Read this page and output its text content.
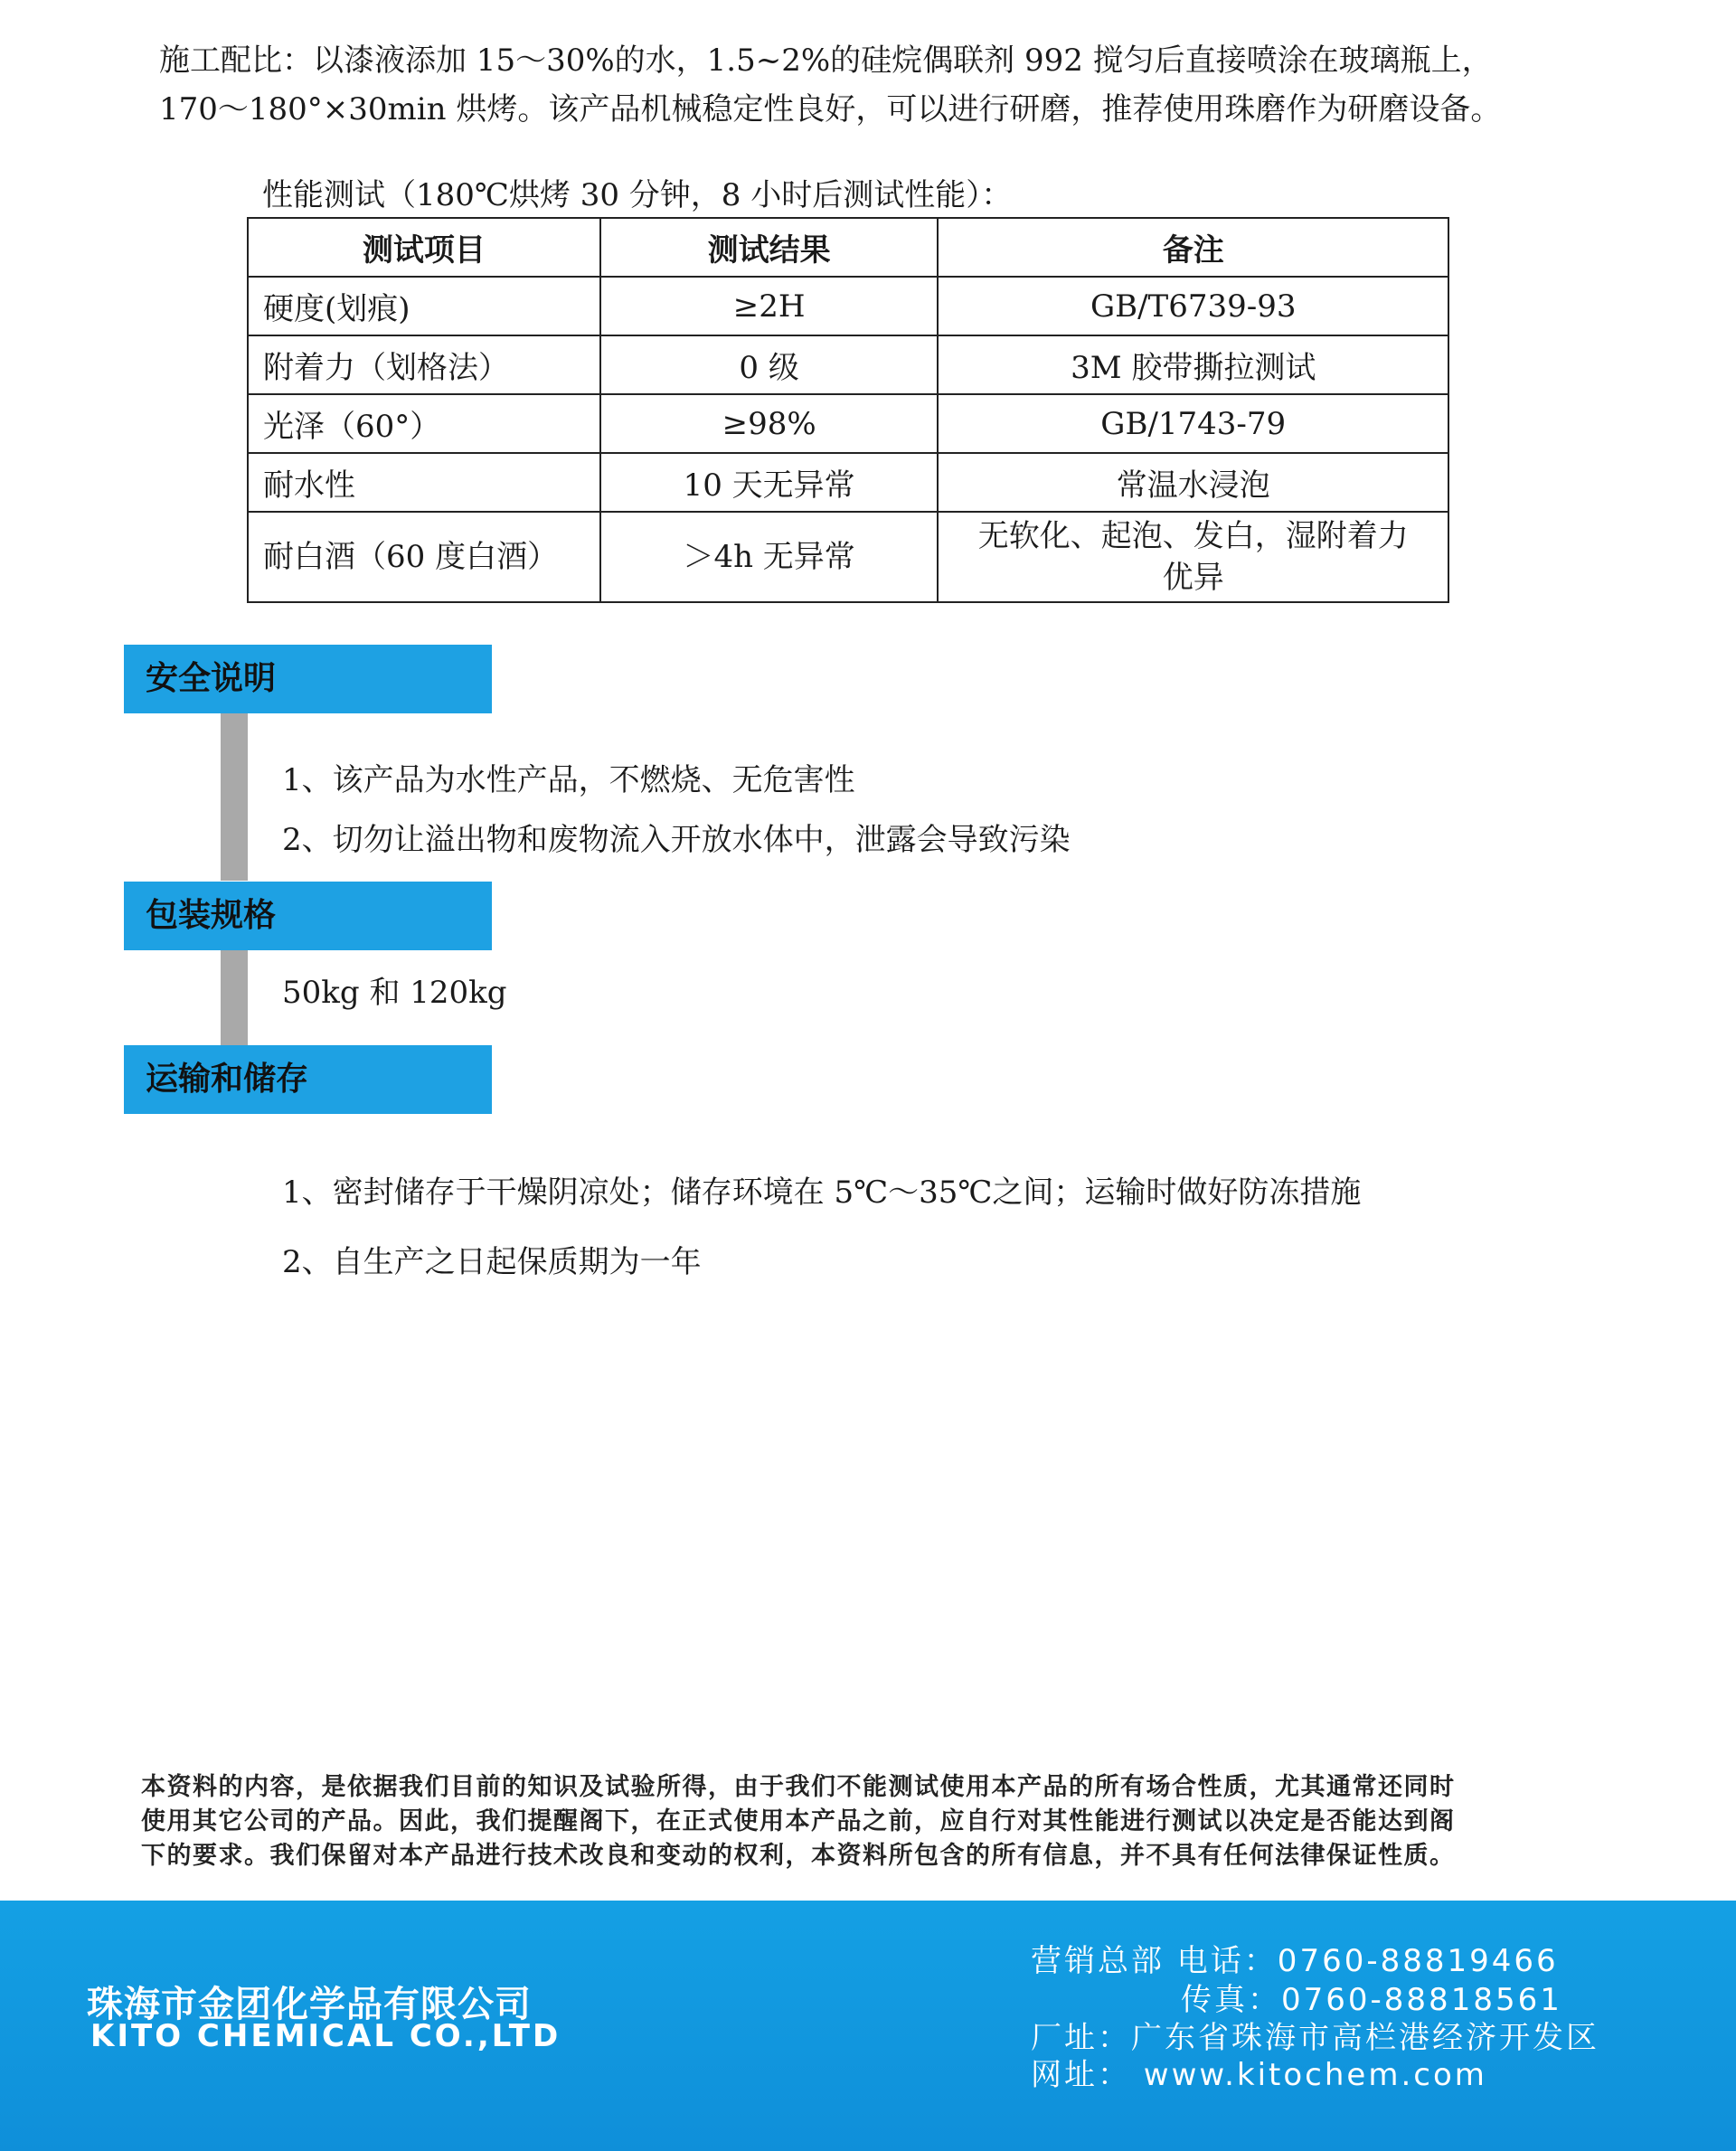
施工配比：以漆液添加 15～30%的水，1.5~2%的硅烷偶联剂 992 搅匀后直接喷涂在玻璃瓶上，

170～180°×30min 烘烤。该产品机械稳定性良好，可以进行研磨，推荐使用珠磨作为研磨设备。

性能测试（180℃烘烤 30 分钟，8 小时后测试性能）：
测试项目	测试结果	备注
硬度(划痕)	≥2H	GB/T6739-93
附着力（划格法）	0 级	3M 胶带撕拉测试
光泽（60°）	≥98%	GB/1743-79
耐水性	10 天无异常	常温水浸泡
耐白酒（60 度白酒）	＞4h 无异常	无软化、起泡、发白，湿附着力
优异
安全说明
1、该产品为水性产品，不燃烧、无危害性
2、切勿让溢出物和废物流入开放水体中，泄露会导致污染
包装规格
50kg 和 120kg
运输和储存
1、密封储存于干燥阴凉处；储存环境在 5℃～35℃之间；运输时做好防冻措施
2、自生产之日起保质期为一年

本资料的内容，是依据我们目前的知识及试验所得，由于我们不能测试使用本产品的所有场合性质，尤其通常还同时

使用其它公司的产品。因此，我们提醒阁下，在正式使用本产品之前，应自行对其性能进行测试以决定是否能达到阁

下的要求。我们保留对本产品进行技术改良和变动的权利，本资料所包含的所有信息，并不具有任何法律保证性质。

珠海市金团化学品有限公司
KITO CHEMICAL CO.,LTD
营销总部 电话：0760-88819466
传真：0760-88818561
厂址：广东省珠海市高栏港经济开发区
网址： www.kitochem.com
